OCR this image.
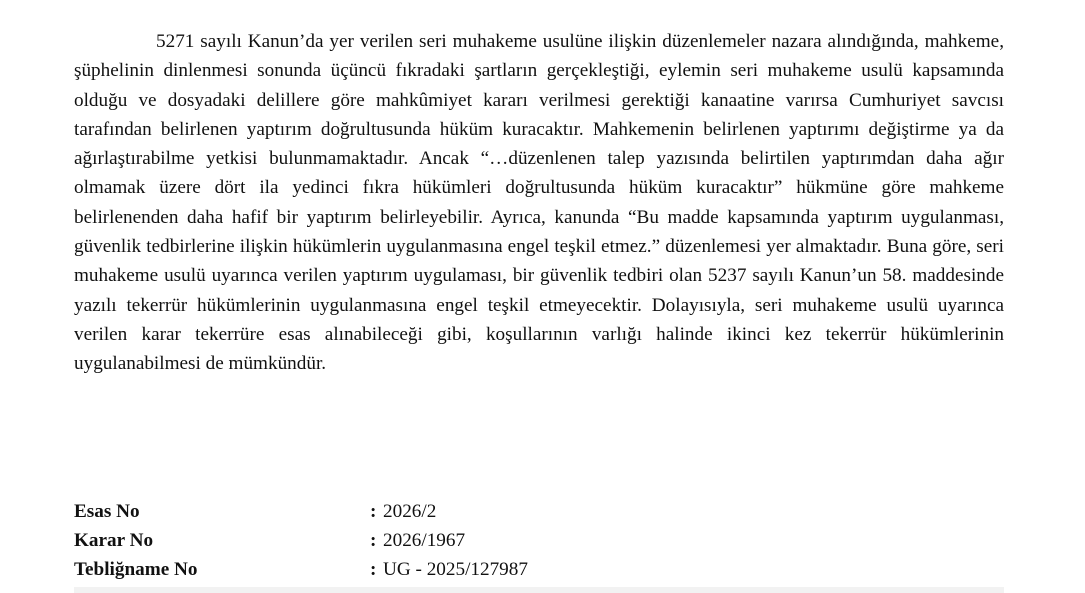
5271 sayılı Kanun’da yer verilen seri muhakeme usulüne ilişkin düzenlemeler nazara alındığında, mahkeme, şüphelinin dinlenmesi sonunda üçüncü fıkradaki şartların gerçekleştiği, eylemin seri muhakeme usulü kapsamında olduğu ve dosyadaki delillere göre mahkûmiyet kararı verilmesi gerektiği kanaatine varırsa Cumhuriyet savcısı tarafından belirlenen yaptırım doğrultusunda hüküm kuracaktır. Mahkemenin belirlenen yaptırımı değiştirme ya da ağırlaştırabilme yetkisi bulunmamaktadır. Ancak “…düzenlenen talep yazısında belirtilen yaptırımdan daha ağır olmamak üzere dört ila yedinci fıkra hükümleri doğrultusunda hüküm kuracaktır” hükmüne göre mahkeme belirlenenden daha hafif bir yaptırım belirleyebilir. Ayrıca, kanunda “Bu madde kapsamında yaptırım uygulanması, güvenlik tedbirlerine ilişkin hükümlerin uygulanmasına engel teşkil etmez.” düzenlemesi yer almaktadır. Buna göre, seri muhakeme usulü uyarınca verilen yaptırım uygulaması, bir güvenlik tedbiri olan 5237 sayılı Kanun’un 58. maddesinde yazılı tekerrür hükümlerinin uygulanmasına engel teşkil etmeyecektir. Dolayısıyla, seri muhakeme usulü uyarınca verilen karar tekerrüre esas alınabileceği gibi, koşullarının varlığı halinde ikinci kez tekerrür hükümlerinin uygulanabilmesi de mümkündür.

Esas No	: 2026/2
Karar No	: 2026/1967
Tebliğname No	: UG - 2025/127987
